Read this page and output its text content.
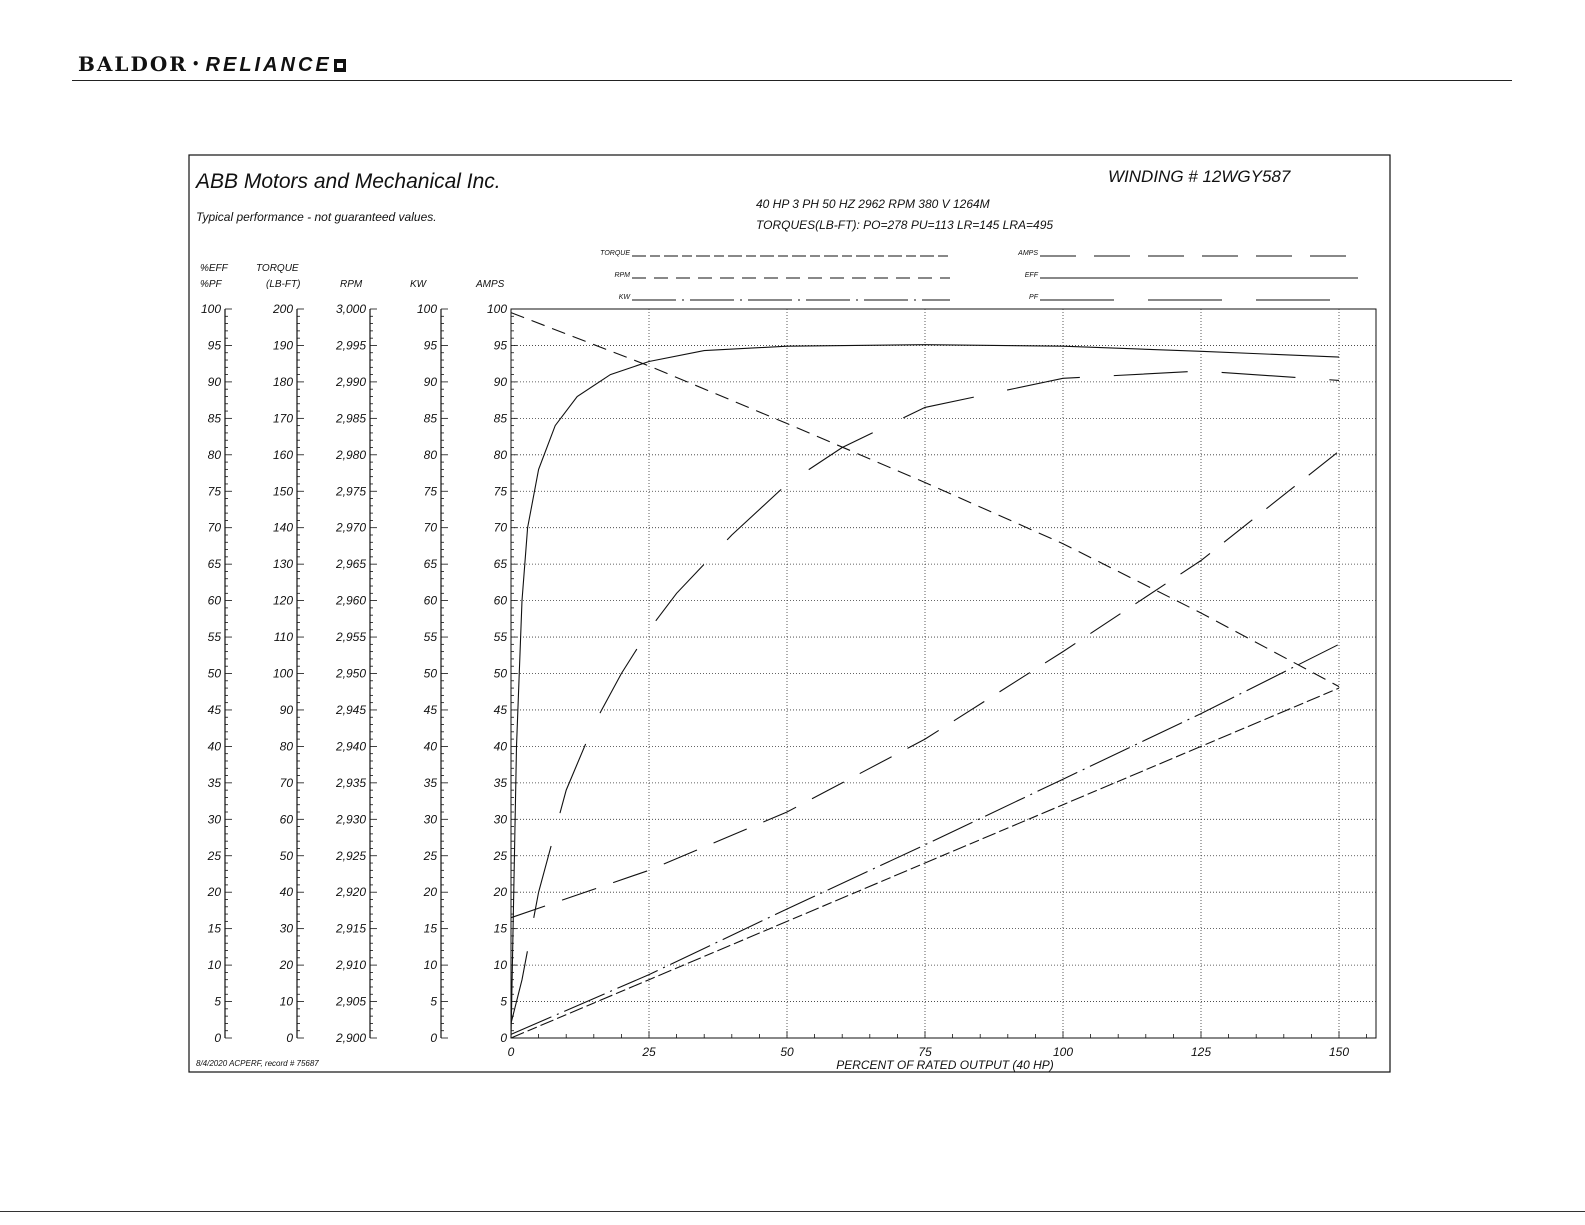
BALDOR • RELIANCE
ABB Motors and Mechanical Inc.
Typical performance - not guaranteed values.
WINDING # 12WGY587
40 HP 3 PH 50 HZ 2962 RPM 380 V 1264M
TORQUES(LB-FT): PO=278 PU=113 LR=145 LRA=495
PERCENT OF RATED OUTPUT (40 HP)
8/4/2020 ACPERF, record # 75687
0	25	50	75	100	125	150
100
95
90
85
80
75
70
65
60
55
50
45
40
35
30
25
20
15
10
5
0
%EFF
%PF
200
190
180
170
160
150
140
130
120
110
100
90
80
70
60
50
40
30
20
10
0
TORQUE
(LB-FT)
3,000
2,995
2,990
2,985
2,980
2,975
2,970
2,965
2,960
2,955
2,950
2,945
2,940
2,935
2,930
2,925
2,920
2,915
2,910
2,905
2,900
RPM
100
95
90
85
80
75
70
65
60
55
50
45
40
35
30
25
20
15
10
5
0
KW
100
95
90
85
80
75
70
65
60
55
50
45
40
35
30
25
20
15
10
5
0
AMPS
TORQUE
RPM
KW
AMPS
EFF
PF
